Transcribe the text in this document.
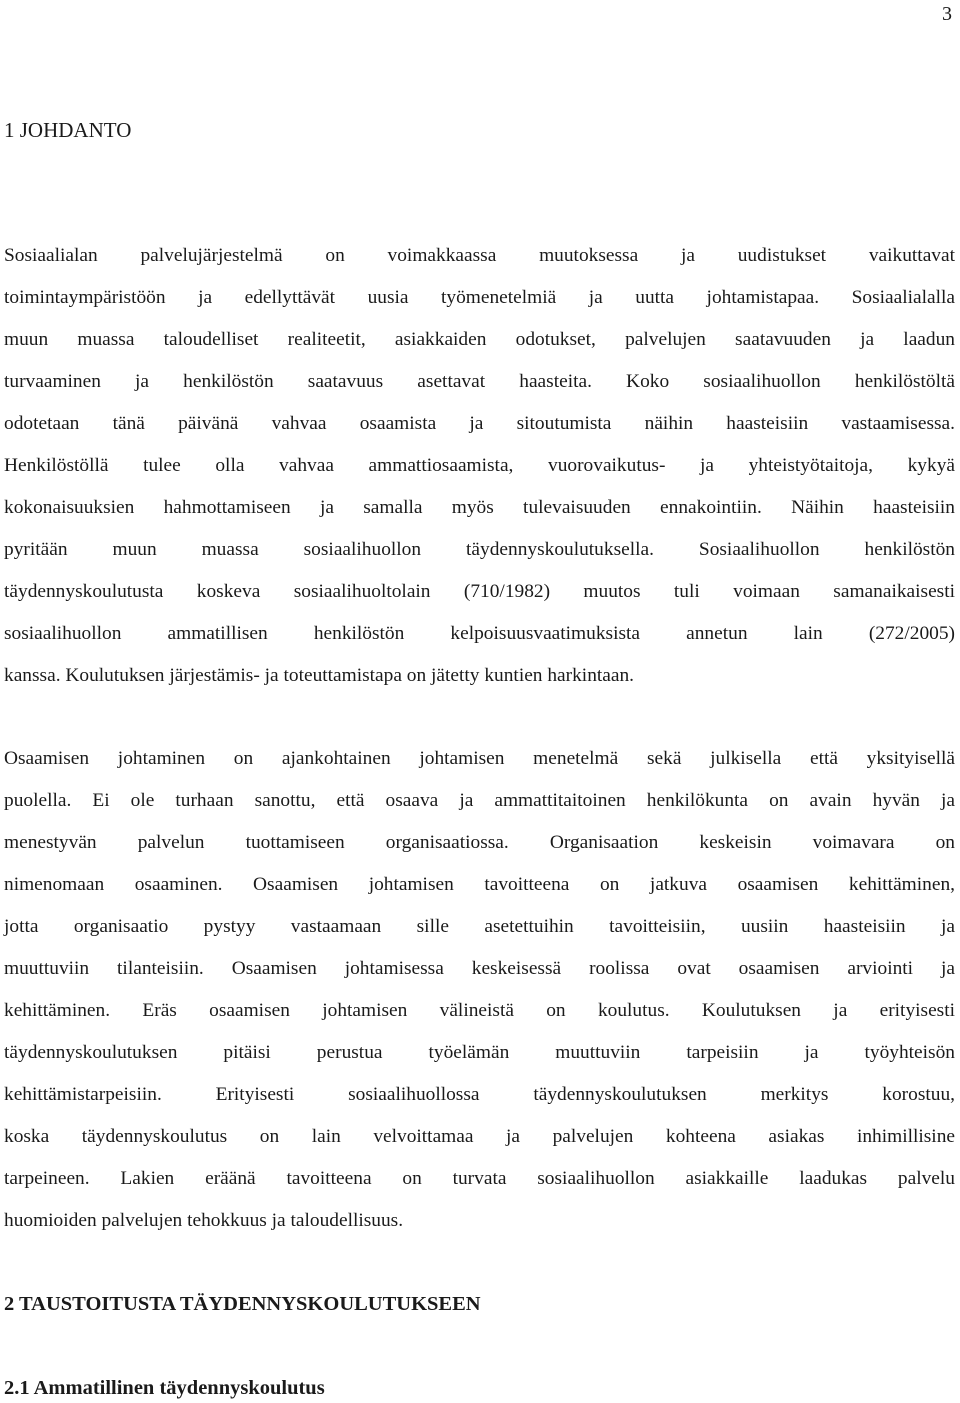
3
1 JOHDANTO
Sosiaalialan palvelujärjestelmä on voimakkaassa muutoksessa ja uudistukset vaikuttavat
toimintaympäristöön ja edellyttävät uusia työmenetelmiä ja uutta johtamistapaa. Sosiaalialalla
muun muassa taloudelliset realiteetit, asiakkaiden odotukset, palvelujen saatavuuden ja laadun
turvaaminen ja henkilöstön saatavuus asettavat haasteita. Koko sosiaalihuollon henkilöstöltä
odotetaan tänä päivänä vahvaa osaamista ja sitoutumista näihin haasteisiin vastaamisessa.
Henkilöstöllä tulee olla vahvaa ammattiosaamista, vuorovaikutus- ja yhteistyötaitoja, kykyä
kokonaisuuksien hahmottamiseen ja samalla myös tulevaisuuden ennakointiin. Näihin haasteisiin
pyritään muun muassa sosiaalihuollon täydennyskoulutuksella. Sosiaalihuollon henkilöstön
täydennyskoulutusta koskeva sosiaalihuoltolain (710/1982) muutos tuli voimaan samanaikaisesti
sosiaalihuollon ammatillisen henkilöstön kelpoisuusvaatimuksista annetun lain (272/2005)
kanssa. Koulutuksen järjestämis- ja toteuttamistapa on jätetty kuntien harkintaan.
Osaamisen johtaminen on ajankohtainen johtamisen menetelmä sekä julkisella että yksityisellä
puolella. Ei ole turhaan sanottu, että osaava ja ammattitaitoinen henkilökunta on avain hyvän ja
menestyvän palvelun tuottamiseen organisaatiossa. Organisaation keskeisin voimavara on
nimenomaan osaaminen. Osaamisen johtamisen tavoitteena on jatkuva osaamisen kehittäminen,
jotta organisaatio pystyy vastaamaan sille asetettuihin tavoitteisiin, uusiin haasteisiin ja
muuttuviin tilanteisiin. Osaamisen johtamisessa keskeisessä roolissa ovat osaamisen arviointi ja
kehittäminen. Eräs osaamisen johtamisen välineistä on koulutus. Koulutuksen ja erityisesti
täydennyskoulutuksen pitäisi perustua työelämän muuttuviin tarpeisiin ja työyhteisön
kehittämistarpeisiin. Erityisesti sosiaalihuollossa täydennyskoulutuksen merkitys korostuu,
koska täydennyskoulutus on lain velvoittamaa ja palvelujen kohteena asiakas inhimillisine
tarpeineen. Lakien eräänä tavoitteena on turvata sosiaalihuollon asiakkaille laadukas palvelu
huomioiden palvelujen tehokkuus ja taloudellisuus.
2 TAUSTOITUSTA TÄYDENNYSKOULUTUKSEEN
2.1 Ammatillinen täydennyskoulutus
